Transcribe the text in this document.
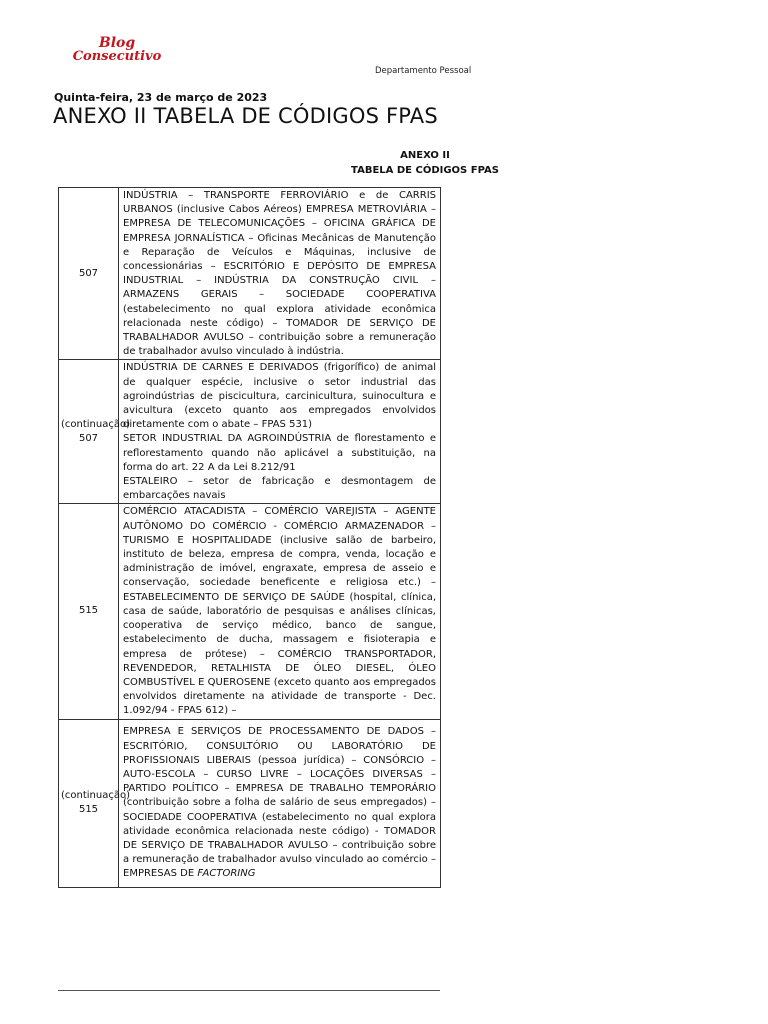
Blog
Consecutivo
Departamento Pessoal
Quinta-feira, 23 de março de 2023
ANEXO II TABELA DE CÓDIGOS FPAS
ANEXO II
TABELA DE CÓDIGOS FPAS
507	INDÚSTRIA – TRANSPORTE FERROVIÁRIO e de CARRIS URBANOS (inclusive Cabos Aéreos) EMPRESA METROVIÁRIA – EMPRESA DE TELECOMUNICAÇÕES – OFICINA GRÁFICA DE EMPRESA JORNALÍSTICA – Oficinas Mecânicas de Manutenção e Reparação de Veículos e Máquinas, inclusive de concessionárias – ESCRITÓRIO E DEPÓSITO DE EMPRESA INDUSTRIAL – INDÚSTRIA DA CONSTRUÇÃO CIVIL – ARMAZENS GERAIS – SOCIEDADE COOPERATIVA (estabelecimento no qual explora atividade econômica relacionada neste código) – TOMADOR DE SERVIÇO DE TRABALHADOR AVULSO – contribuição sobre a remuneração de trabalhador avulso vinculado à indústria.

(continuação) 507	INDÚSTRIA DE CARNES E DERIVADOS (frigorífico) de animal de qualquer espécie, inclusive o setor industrial das agroindústrias de piscicultura, carcinicultura, suinocultura e avicultura (exceto quanto aos empregados envolvidos diretamente com o abate – FPAS 531)

SETOR INDUSTRIAL DA AGROINDÚSTRIA de florestamento e reflorestamento quando não aplicável a substituição, na forma do art. 22 A da Lei 8.212/91

ESTALEIRO – setor de fabricação e desmontagem de embarcações navais

515	COMÉRCIO ATACADISTA – COMÉRCIO VAREJISTA – AGENTE AUTÔNOMO DO COMÉRCIO - COMÉRCIO ARMAZENADOR – TURISMO E HOSPITALIDADE (inclusive salão de barbeiro, instituto de beleza, empresa de compra, venda, locação e administração de imóvel, engraxate, empresa de asseio e conservação, sociedade beneficente e religiosa etc.) – ESTABELECIMENTO DE SERVIÇO DE SAÚDE (hospital, clínica, casa de saúde, laboratório de pesquisas e análises clínicas, cooperativa de serviço médico, banco de sangue, estabelecimento de ducha, massagem e fisioterapia e empresa de prótese) – COMÉRCIO TRANSPORTADOR, REVENDEDOR, RETALHISTA DE ÓLEO DIESEL, ÓLEO COMBUSTÍVEL E QUEROSENE (exceto quanto aos empregados envolvidos diretamente na atividade de transporte - Dec. 1.092/94 - FPAS 612) –

(continuação) 515	EMPRESA E SERVIÇOS DE PROCESSAMENTO DE DADOS – ESCRITÓRIO, CONSULTÓRIO OU LABORATÓRIO DE PROFISSIONAIS LIBERAIS (pessoa jurídica) – CONSÓRCIO – AUTO-ESCOLA – CURSO LIVRE – LOCAÇÕES DIVERSAS – PARTIDO POLÍTICO – EMPRESA DE TRABALHO TEMPORÁRIO (contribuição sobre a folha de salário de seus empregados) – SOCIEDADE COOPERATIVA (estabelecimento no qual explora atividade econômica relacionada neste código) - TOMADOR DE SERVIÇO DE TRABALHADOR AVULSO – contribuição sobre a remuneração de trabalhador avulso vinculado ao comércio – EMPRESAS DE FACTORING
